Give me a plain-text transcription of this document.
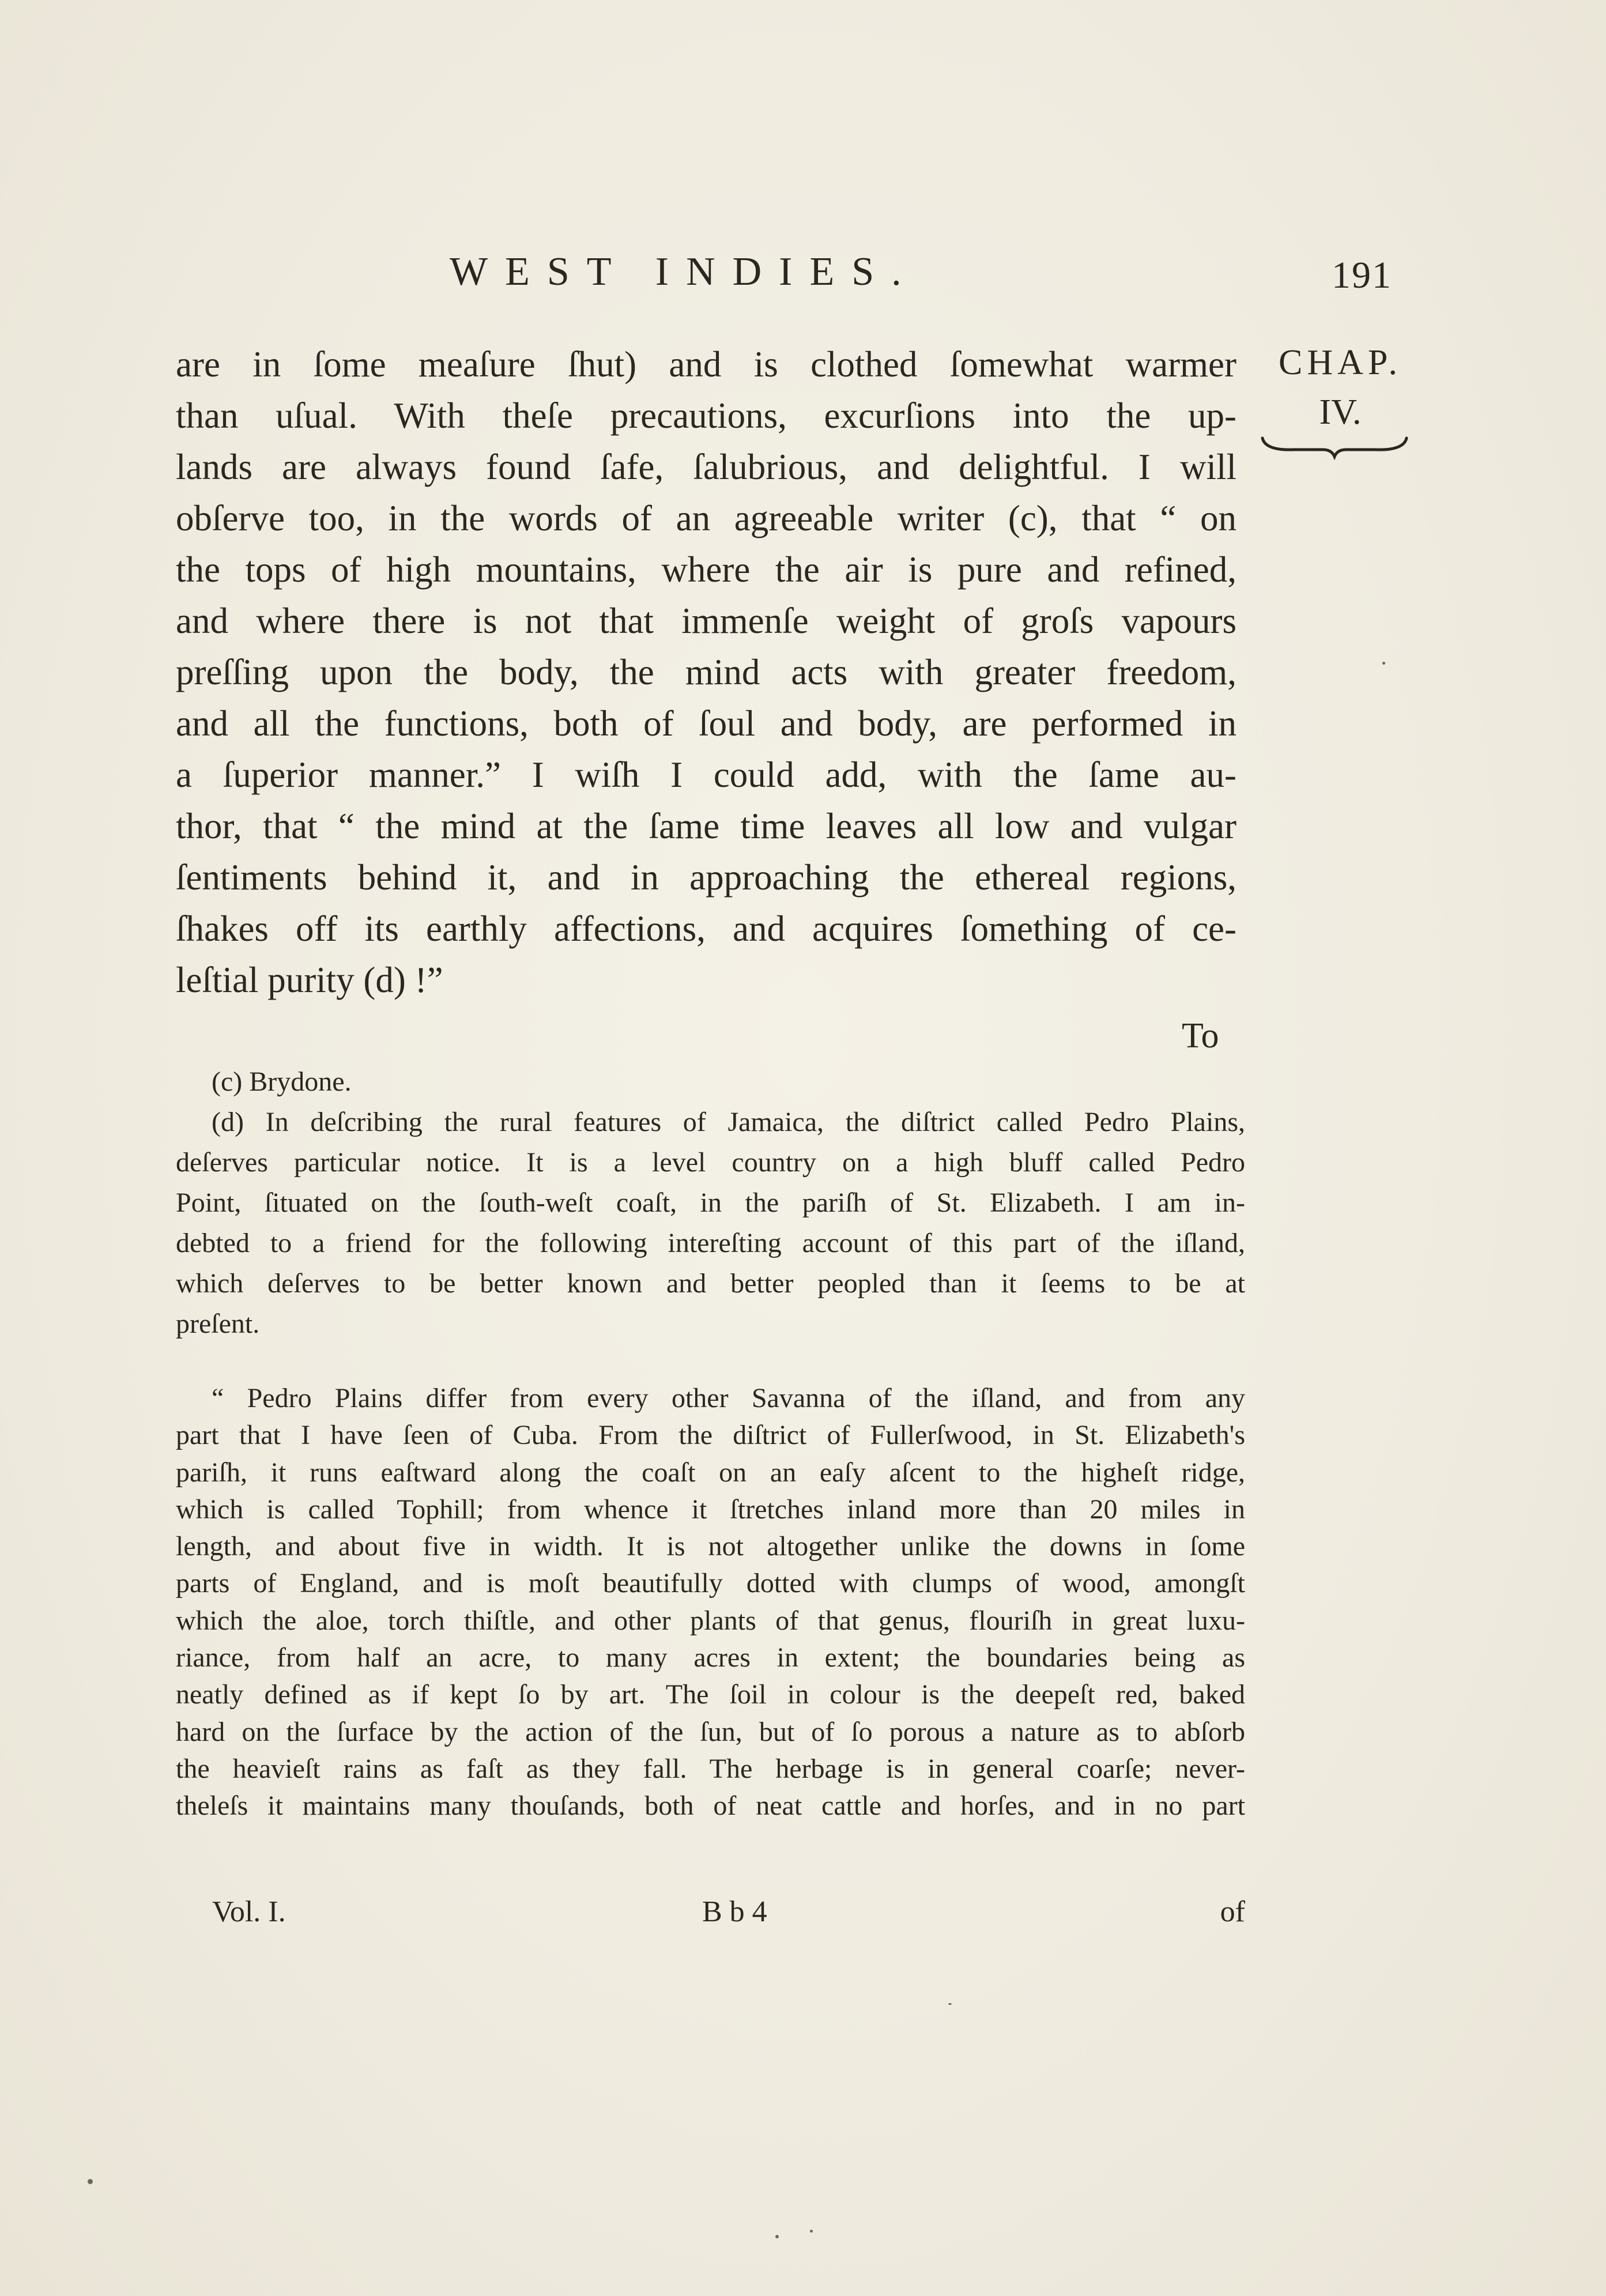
WEST INDIES.	191
CHAP.
IV.
are in ſome meaſure ſhut) and is clothed ſomewhat warmer
than uſual. With theſe precautions, excurſions into the up-
lands are always found ſafe, ſalubrious, and delightful. I will
obſerve too, in the words of an agreeable writer (c), that “ on
the tops of high mountains, where the air is pure and refined,
and where there is not that immenſe weight of groſs vapours
preſſing upon the body, the mind acts with greater freedom,
and all the functions, both of ſoul and body, are performed in
a ſuperior manner.” I wiſh I could add, with the ſame au-
thor, that “ the mind at the ſame time leaves all low and vulgar
ſentiments behind it, and in approaching the ethereal regions,
ſhakes off its earthly affections, and acquires ſomething of ce-
leſtial purity (d) !”
To
(c) Brydone.
(d) In deſcribing the rural features of Jamaica, the diſtrict called Pedro Plains,
deſerves particular notice. It is a level country on a high bluff called Pedro
Point, ſituated on the ſouth-weſt coaſt, in the pariſh of St. Elizabeth. I am in-
debted to a friend for the following intereſting account of this part of the iſland,
which deſerves to be better known and better peopled than it ſeems to be at
preſent.
“ Pedro Plains differ from every other Savanna of the iſland, and from any
part that I have ſeen of Cuba. From the diſtrict of Fullerſwood, in St. Elizabeth's
pariſh, it runs eaſtward along the coaſt on an eaſy aſcent to the higheſt ridge,
which is called Tophill; from whence it ſtretches inland more than 20 miles in
length, and about five in width. It is not altogether unlike the downs in ſome
parts of England, and is moſt beautifully dotted with clumps of wood, amongſt
which the aloe, torch thiſtle, and other plants of that genus, flouriſh in great luxu-
riance, from half an acre, to many acres in extent; the boundaries being as
neatly defined as if kept ſo by art. The ſoil in colour is the deepeſt red, baked
hard on the ſurface by the action of the ſun, but of ſo porous a nature as to abſorb
the heavieſt rains as faſt as they fall. The herbage is in general coarſe; never-
theleſs it maintains many thouſands, both of neat cattle and horſes, and in no part
Vol. I.	B b 4	of
